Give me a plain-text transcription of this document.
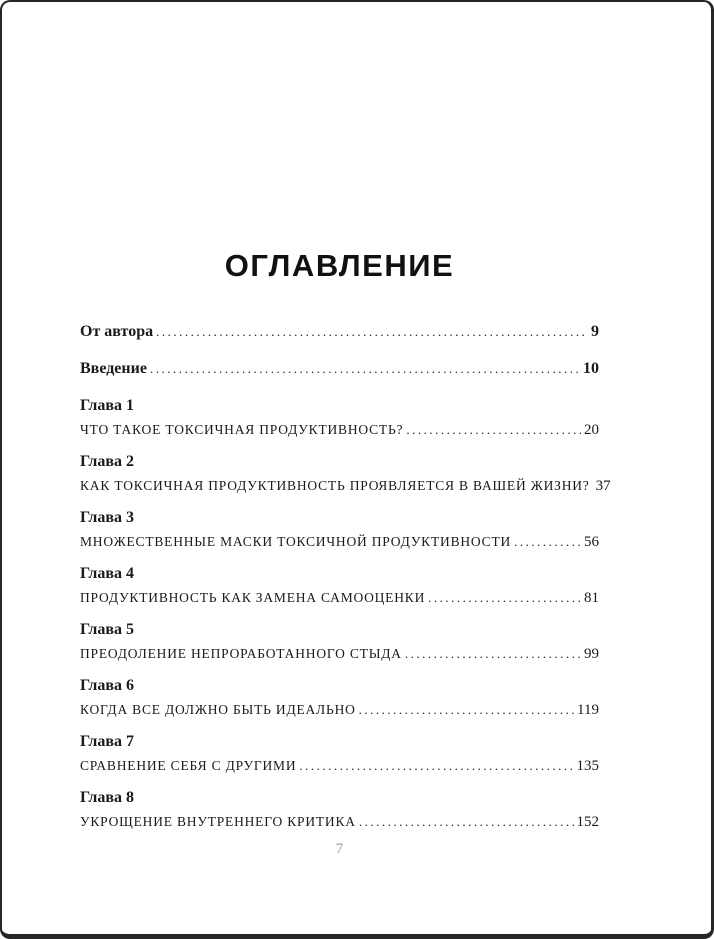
ОГЛАВЛЕНИЕ
От автора .....	9
Введение .....	10
Глава 1
ЧТО ТАКОЕ ТОКСИЧНАЯ ПРОДУКТИВНОСТЬ? .....	20
Глава 2
КАК ТОКСИЧНАЯ ПРОДУКТИВНОСТЬ ПРОЯВЛЯЕТСЯ В ВАШЕЙ ЖИЗНИ? 37
Глава 3
МНОЖЕСТВЕННЫЕ МАСКИ ТОКСИЧНОЙ ПРОДУКТИВНОСТИ .....	56
Глава 4
ПРОДУКТИВНОСТЬ КАК ЗАМЕНА САМООЦЕНКИ .....	81
Глава 5
ПРЕОДОЛЕНИЕ НЕПРОРАБОТАННОГО СТЫДА .....	99
Глава 6
КОГДА ВСЕ ДОЛЖНО БЫТЬ ИДЕАЛЬНО .....	119
Глава 7
СРАВНЕНИЕ СЕБЯ С ДРУГИМИ .....	135
Глава 8
УКРОЩЕНИЕ ВНУТРЕННЕГО КРИТИКА .....	152
7
